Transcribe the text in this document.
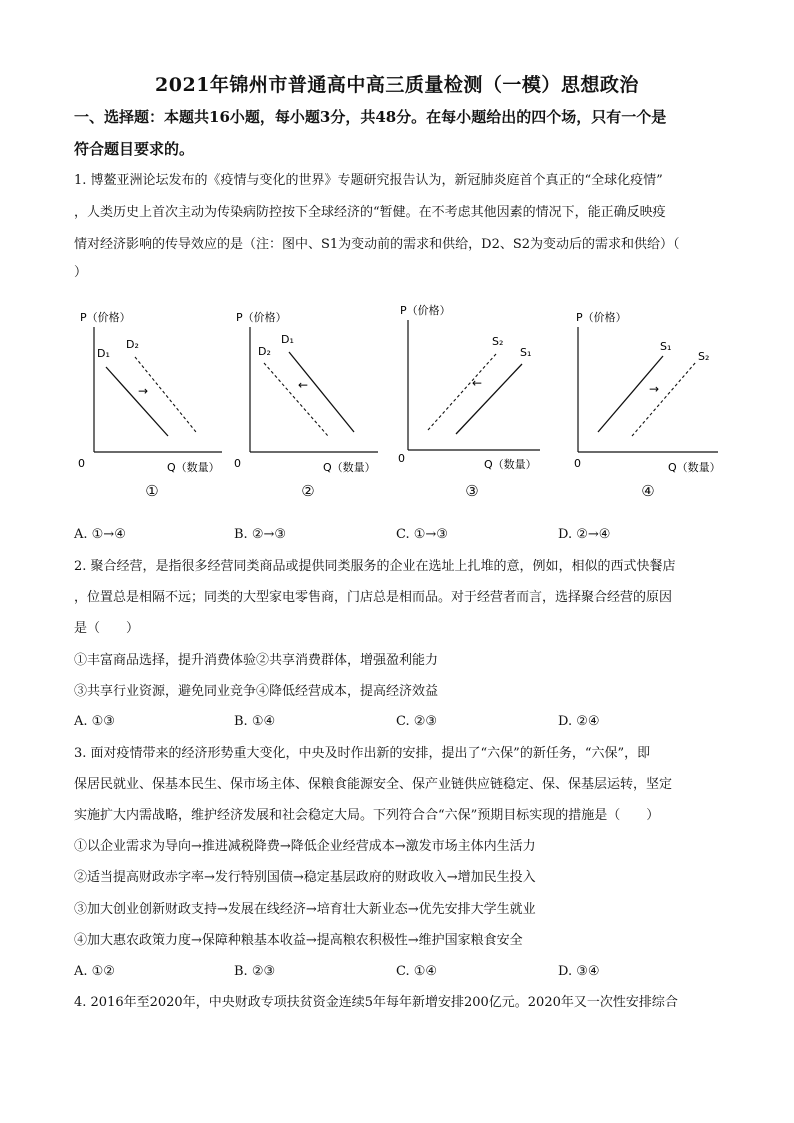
2021年锦州市普通高中高三质量检测（一模）思想政治
一、选择题：本题共16小题，每小题3分，共48分。在每小题给出的四个场，只有一个是
符合题目要求的。
1. 博鳌亚洲论坛发布的《疫情与变化的世界》专题研究报告认为，新冠肺炎庭首个真正的“全球化疫情”
，人类历史上首次主动为传染病防控按下全球经济的“暂健。在不考虑其他因素的情况下，能正确反映疫
情对经济影响的传导效应的是（注：图中、S1为变动前的需求和供给，D2、S2为变动后的需求和供给）（
）
P（价格）
0	Q（数量）
D₁
D₂
→
①
P（价格）
0	Q（数量）
D₂
D₁
←
②
P（价格）
0	Q（数量）
S₂
S₁
←
③
P（价格）
0	Q（数量）
S₁
S₂
→
④
A. ①→④	B. ②→③	C. ①→③	D. ②→④
2. 聚合经营，是指很多经营同类商品或提供同类服务的企业在选址上扎堆的意，例如，相似的西式快餐店
，位置总是相隔不远；同类的大型家电零售商，门店总是相而品。对于经营者而言，选择聚合经营的原因
是（　　）
①丰富商品选择，提升消费体验②共享消费群体，增强盈利能力
③共享行业资源，避免同业竞争④降低经营成本，提高经济效益
A. ①③	B. ①④	C. ②③	D. ②④
3. 面对疫情带来的经济形势重大变化，中央及时作出新的安排，提出了“六保”的新任务，“六保”，即
保居民就业、保基本民生、保市场主体、保粮食能源安全、保产业链供应链稳定、保、保基层运转，坚定
实施扩大内需战略，维护经济发展和社会稳定大局。下列符合合“六保”预期目标实现的措施是（　　）
①以企业需求为导向→推进减税降费→降低企业经营成本→激发市场主体内生活力
②适当提高财政赤字率→发行特别国债→稳定基层政府的财政收入→增加民生投入
③加大创业创新财政支持→发展在线经济→培育壮大新业态→优先安排大学生就业
④加大惠农政策力度→保障种粮基本收益→提高粮农积极性→维护国家粮食安全
A. ①②	B. ②③	C. ①④	D. ③④
4. 2016年至2020年，中央财政专项扶贫资金连续5年每年新增安排200亿元。2020年又一次性安排综合
